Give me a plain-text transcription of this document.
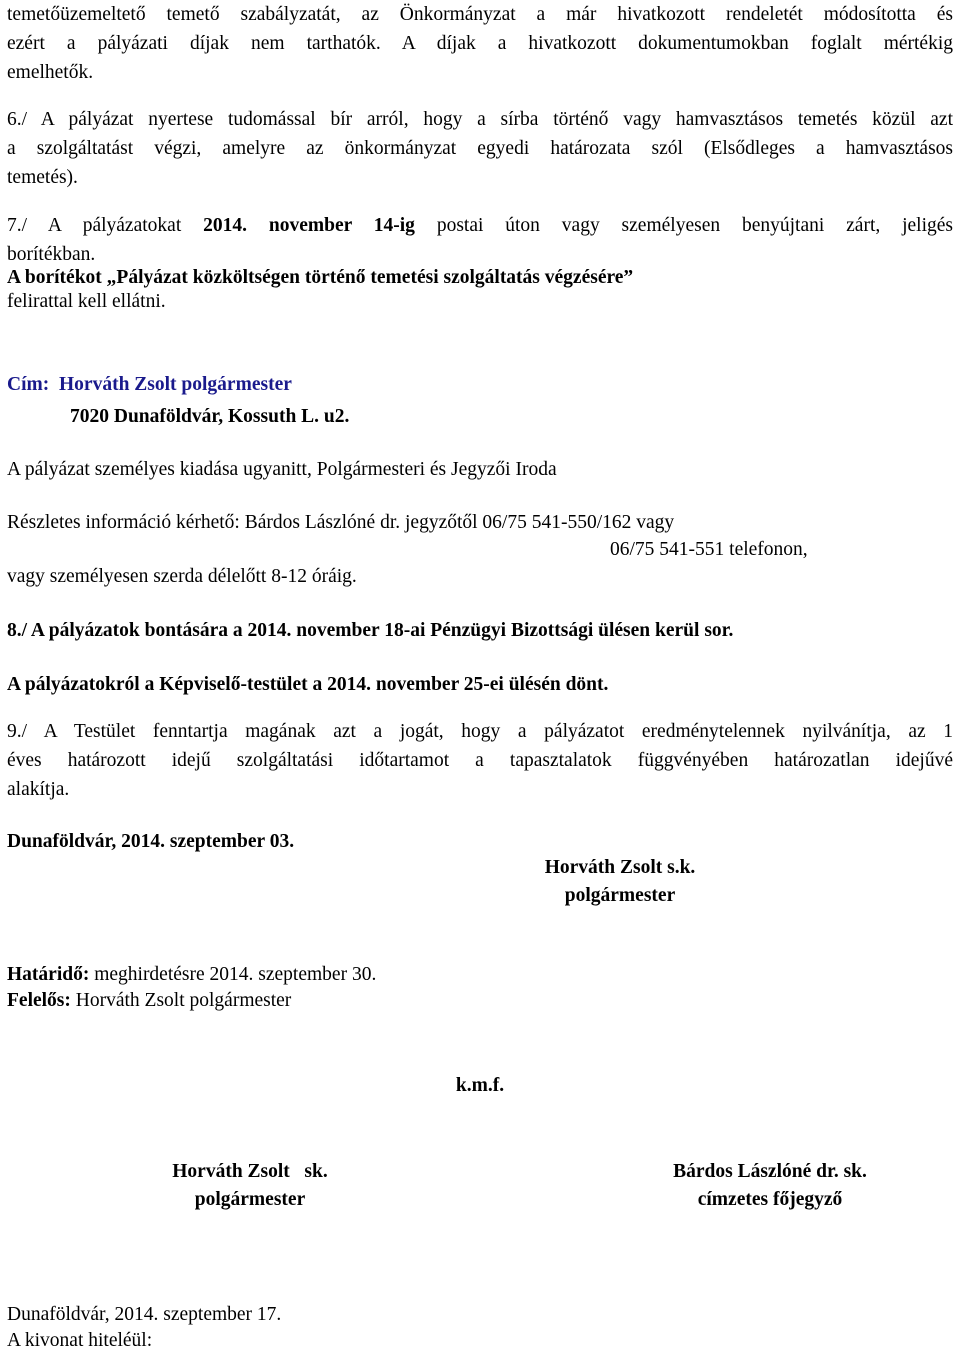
temetőüzemeltető temető szabályzatát, az Önkormányzat a már hivatkozott rendeletét módosította és
ezért a pályázati díjak nem tarthatók. A díjak a hivatkozott dokumentumokban foglalt mértékig
emelhetők.
6./ A pályázat nyertese tudomással bír arról, hogy a sírba történő vagy hamvasztásos temetés közül azt
a szolgáltatást végzi, amelyre az önkormányzat egyedi határozata szól (Elsődleges a hamvasztásos
temetés).
7./ A pályázatokat 2014. november 14-ig postai úton vagy személyesen benyújtani zárt, jeligés
borítékban.
A borítékot „Pályázat közköltségen történő temetési szolgáltatás végzésére”
felirattal kell ellátni.
Cím: Horváth Zsolt polgármester
7020 Dunaföldvár, Kossuth L. u2.
A pályázat személyes kiadása ugyanitt, Polgármesteri és Jegyzői Iroda
Részletes információ kérhető: Bárdos Lászlóné dr. jegyzőtől 06/75 541-550/162 vagy
06/75 541-551 telefonon,
vagy személyesen szerda délelőtt 8-12 óráig.
8./ A pályázatok bontására a 2014. november 18-ai Pénzügyi Bizottsági ülésen kerül sor.
A pályázatokról a Képviselő-testület a 2014. november 25-ei ülésén dönt.
9./ A Testület fenntartja magának azt a jogát, hogy a pályázatot eredménytelennek nyilvánítja, az 1
éves határozott idejű szolgáltatási időtartamot a tapasztalatok függvényében határozatlan idejűvé
alakítja.
Dunaföldvár, 2014. szeptember 03.
Horváth Zsolt s.k.
polgármester
Határidő: meghirdetésre 2014. szeptember 30.
Felelős: Horváth Zsolt polgármester
k.m.f.
Horváth Zsolt   sk.
polgármester
Bárdos Lászlóné dr. sk.
címzetes főjegyző
Dunaföldvár, 2014. szeptember 17.
A kivonat hiteléül:
